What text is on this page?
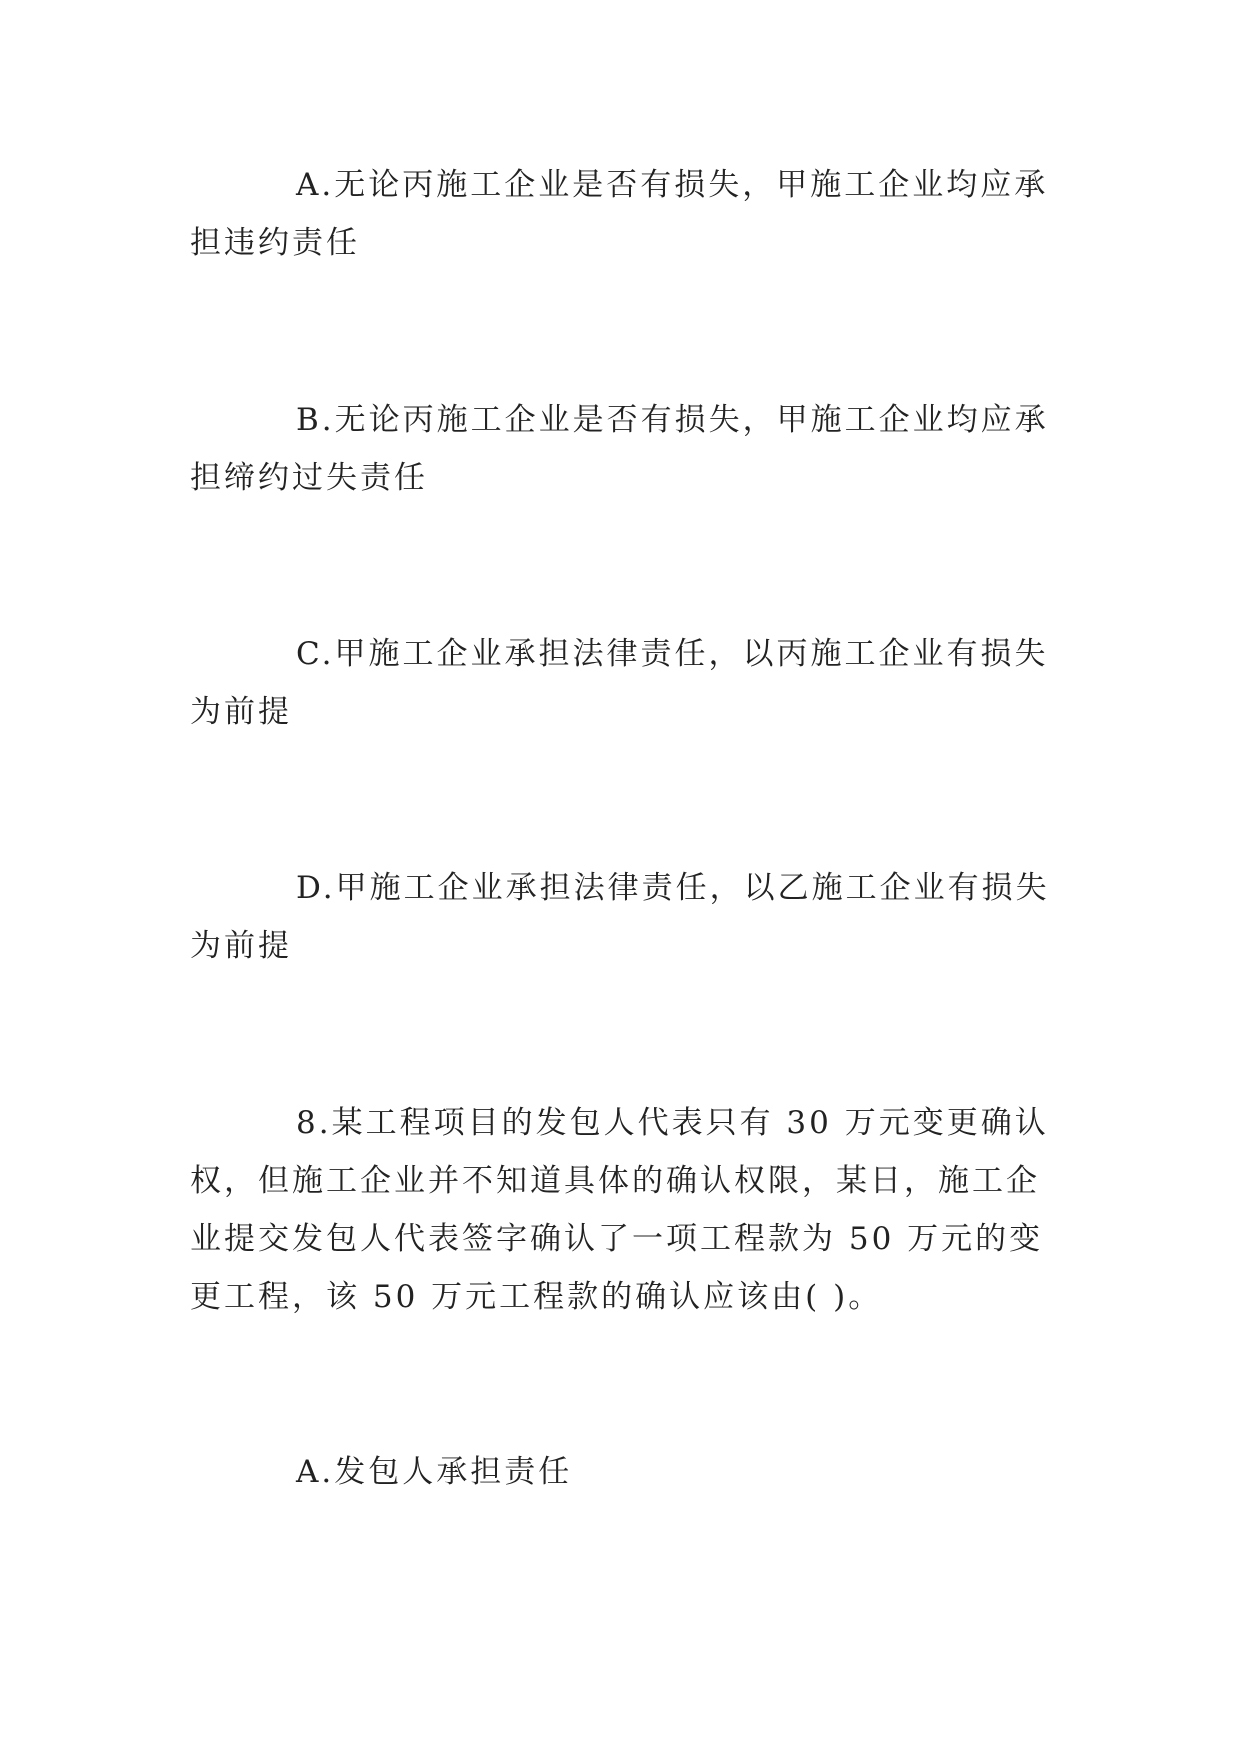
A.无论丙施工企业是否有损失，甲施工企业均应承担违约责任

B.无论丙施工企业是否有损失，甲施工企业均应承担缔约过失责任

C.甲施工企业承担法律责任，以丙施工企业有损失为前提

D.甲施工企业承担法律责任，以乙施工企业有损失为前提

8.某工程项目的发包人代表只有 30 万元变更确认权，但施工企业并不知道具体的确认权限，某日，施工企业提交发包人代表签字确认了一项工程款为 50 万元的变更工程，该 50 万元工程款的确认应该由( )。

A.发包人承担责任
